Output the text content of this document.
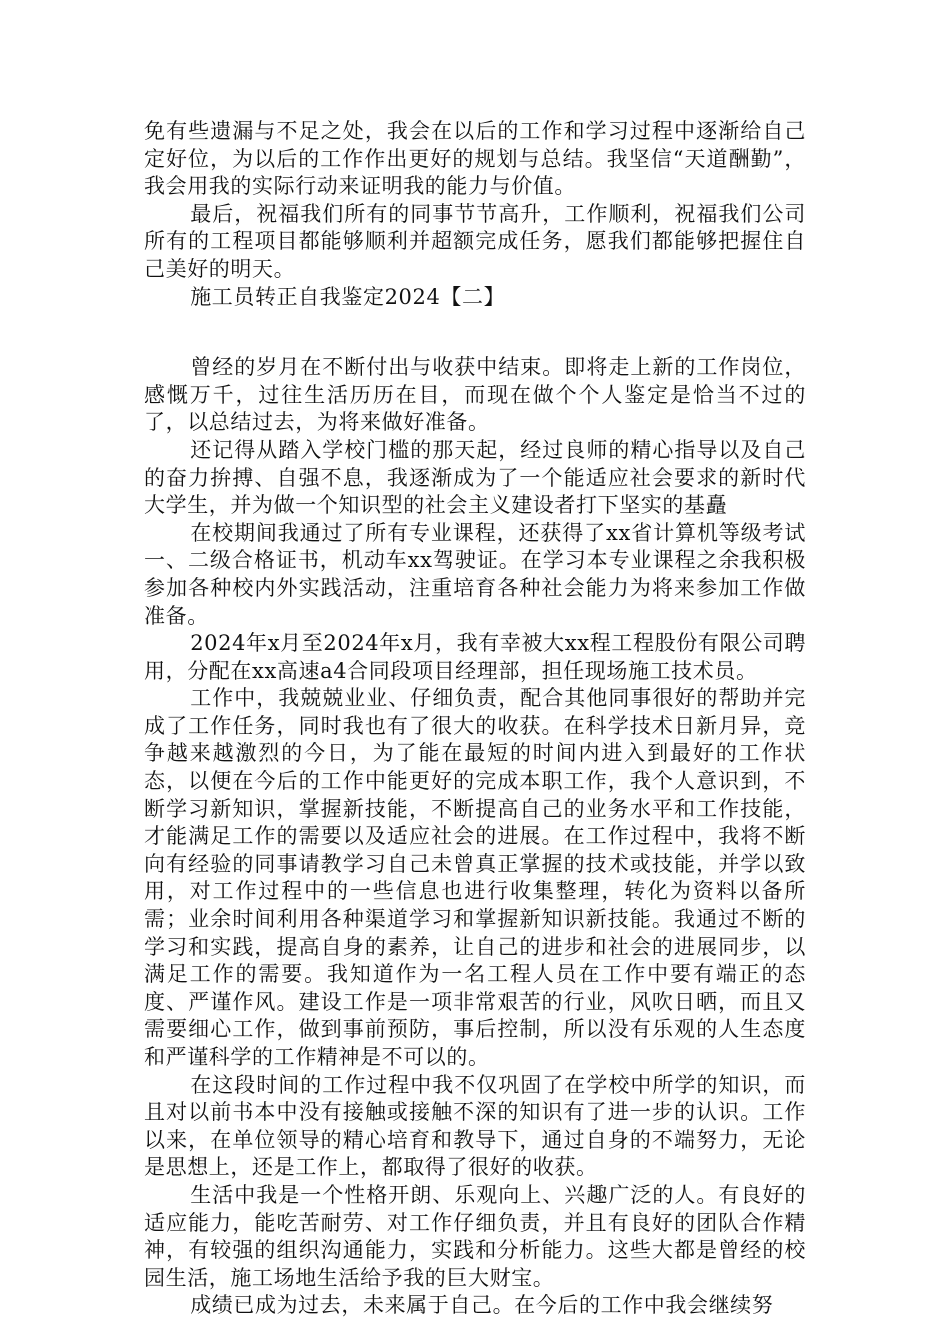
免有些遗漏与不足之处，我会在以后的工作和学习过程中逐渐给自己定好位，为以后的工作作出更好的规划与总结。我坚信“天道酬勤”，我会用我的实际行动来证明我的能力与价值。

最后，祝福我们所有的同事节节高升，工作顺利，祝福我们公司所有的工程项目都能够顺利并超额完成任务，愿我们都能够把握住自己美好的明天。

施工员转正自我鉴定2024【二】

曾经的岁月在不断付出与收获中结束。即将走上新的工作岗位，感慨万千，过往生活历历在目，而现在做个个人鉴定是恰当不过的了，以总结过去，为将来做好准备。

还记得从踏入学校门槛的那天起，经过良师的精心指导以及自己的奋力拚搏、自强不息，我逐渐成为了一个能适应社会要求的新时代大学生，并为做一个知识型的社会主义建设者打下坚实的基矗

在校期间我通过了所有专业课程，还获得了xx省计算机等级考试一、二级合格证书，机动车xx驾驶证。在学习本专业课程之余我积极参加各种校内外实践活动，注重培育各种社会能力为将来参加工作做准备。

2024年x月至2024年x月，我有幸被大xx程工程股份有限公司聘用，分配在xx高速a4合同段项目经理部，担任现场施工技术员。

工作中，我兢兢业业、仔细负责，配合其他同事很好的帮助并完成了工作任务，同时我也有了很大的收获。在科学技术日新月异，竞争越来越激烈的今日，为了能在最短的时间内进入到最好的工作状态，以便在今后的工作中能更好的完成本职工作，我个人意识到，不断学习新知识，掌握新技能，不断提高自己的业务水平和工作技能，才能满足工作的需要以及适应社会的进展。在工作过程中，我将不断向有经验的同事请教学习自己未曾真正掌握的技术或技能，并学以致用，对工作过程中的一些信息也进行收集整理，转化为资料以备所需；业余时间利用各种渠道学习和掌握新知识新技能。我通过不断的学习和实践，提高自身的素养，让自己的进步和社会的进展同步，以满足工作的需要。我知道作为一名工程人员在工作中要有端正的态度、严谨作风。建设工作是一项非常艰苦的行业，风吹日晒，而且又需要细心工作，做到事前预防，事后控制，所以没有乐观的人生态度和严谨科学的工作精神是不可以的。

在这段时间的工作过程中我不仅巩固了在学校中所学的知识，而且对以前书本中没有接触或接触不深的知识有了进一步的认识。工作以来，在单位领导的精心培育和教导下，通过自身的不端努力，无论是思想上，还是工作上，都取得了很好的收获。

生活中我是一个性格开朗、乐观向上、兴趣广泛的人。有良好的适应能力，能吃苦耐劳、对工作仔细负责，并且有良好的团队合作精神，有较强的组织沟通能力，实践和分析能力。这些大都是曾经的校园生活，施工场地生活给予我的巨大财宝。

成绩已成为过去，未来属于自己。在今后的工作中我会继续努
